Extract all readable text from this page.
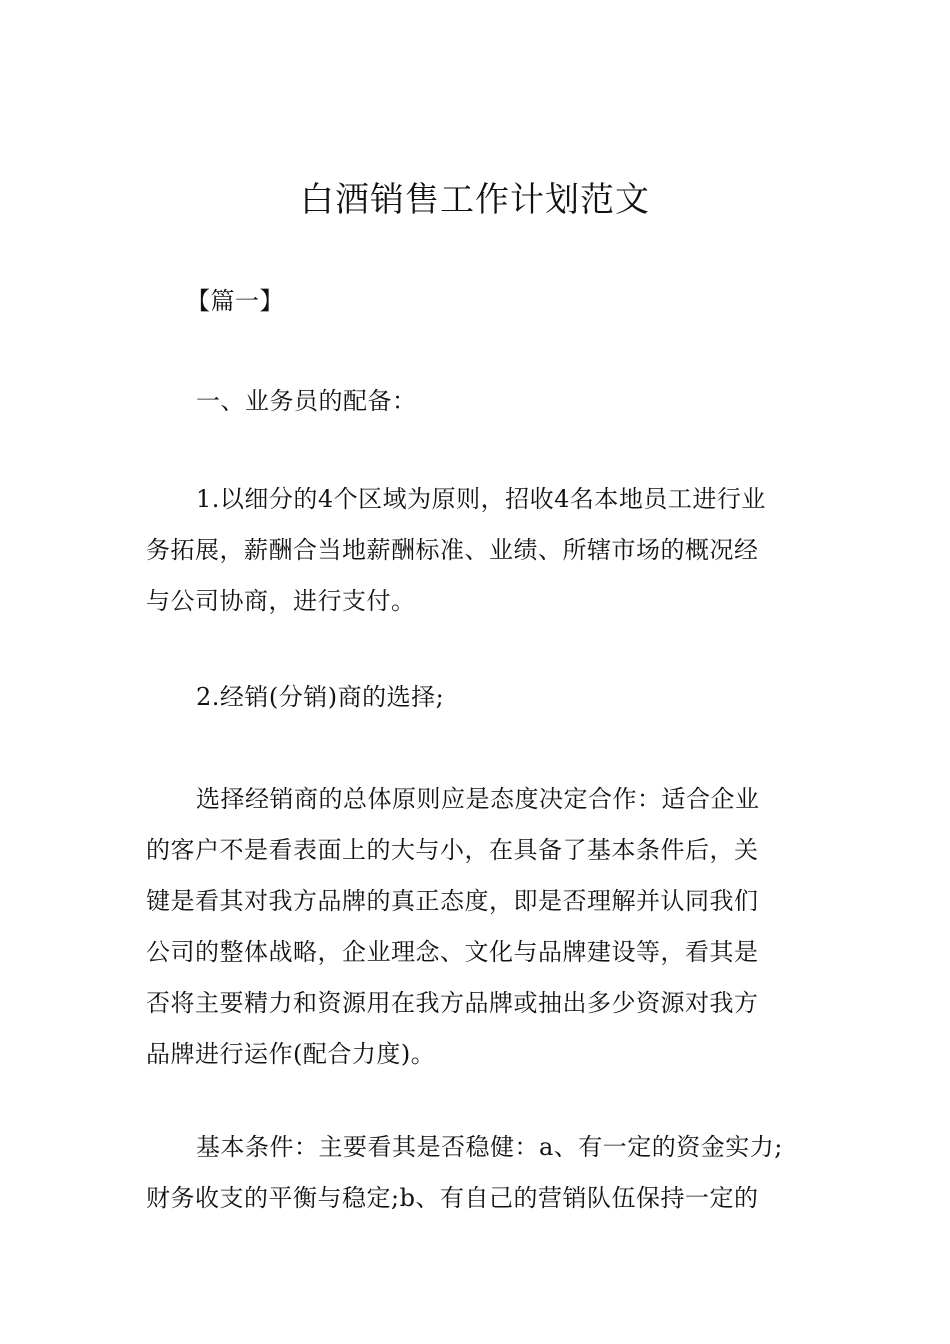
白酒销售工作计划范文

【篇一】

一、业务员的配备：

1.以细分的4个区域为原则，招收4名本地员工进行业
务拓展，薪酬合当地薪酬标准、业绩、所辖市场的概况经
与公司协商，进行支付。

2.经销(分销)商的选择;

选择经销商的总体原则应是态度决定合作：适合企业
的客户不是看表面上的大与小，在具备了基本条件后，关
键是看其对我方品牌的真正态度，即是否理解并认同我们
公司的整体战略，企业理念、文化与品牌建设等，看其是
否将主要精力和资源用在我方品牌或抽出多少资源对我方
品牌进行运作(配合力度)。

基本条件：主要看其是否稳健：a、有一定的资金实力;
财务收支的平衡与稳定;b、有自己的营销队伍保持一定的
